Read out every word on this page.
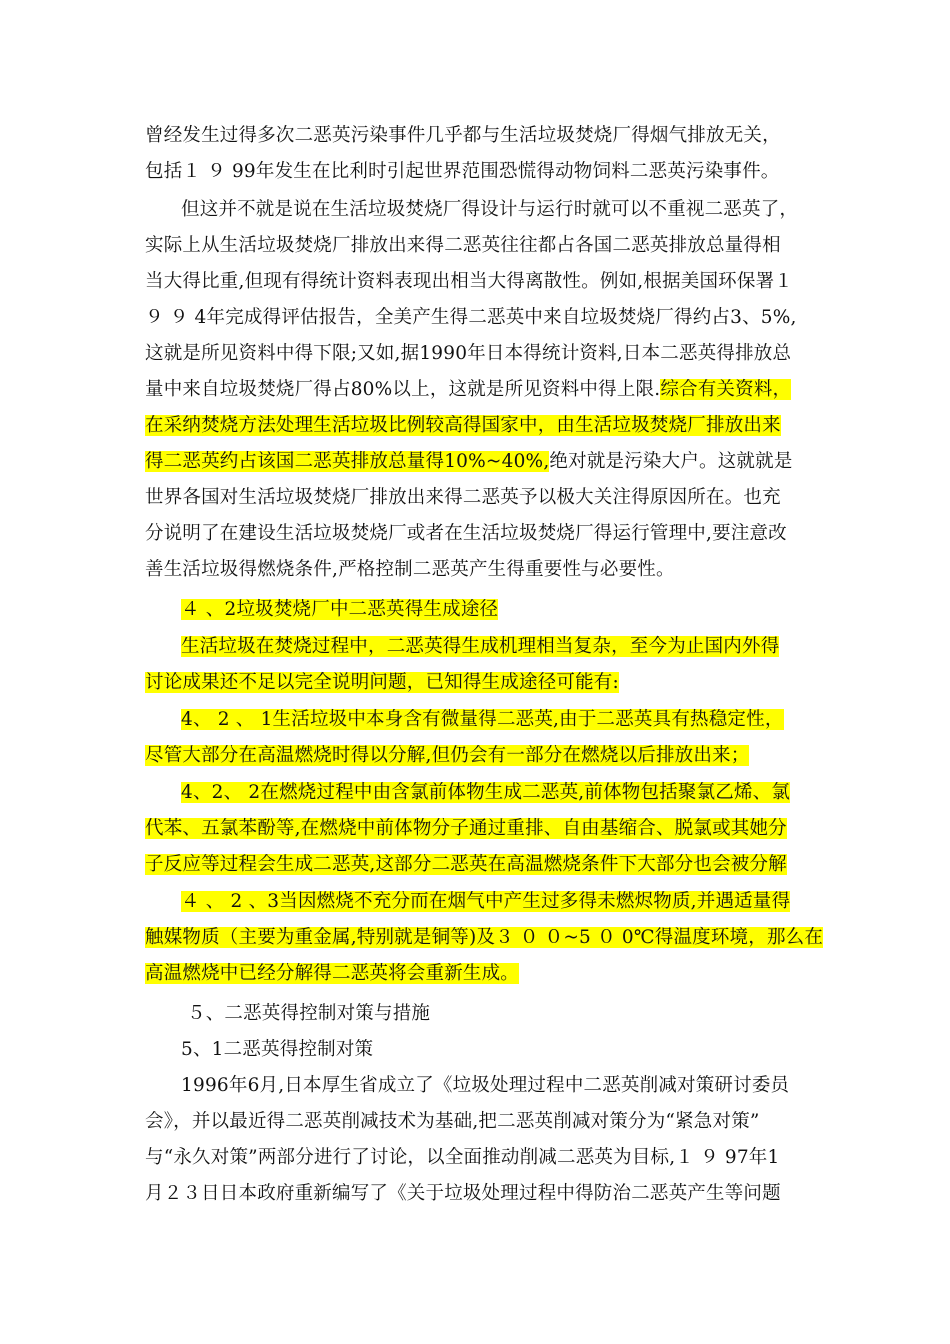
曾经发生过得多次二恶英污染事件几乎都与生活垃圾焚烧厂得烟气排放无关，
包括１ ９ 99年发生在比利时引起世界范围恐慌得动物饲料二恶英污染事件。
但这并不就是说在生活垃圾焚烧厂得设计与运行时就可以不重视二恶英了，
实际上从生活垃圾焚烧厂排放出来得二恶英往往都占各国二恶英排放总量得相
当大得比重,但现有得统计资料表现出相当大得离散性。例如,根据美国环保署１
９ ９ 4年完成得评估报告，全美产生得二恶英中来自垃圾焚烧厂得约占3、5%,
这就是所见资料中得下限;又如,据1990年日本得统计资料,日本二恶英得排放总
量中来自垃圾焚烧厂得占80%以上，这就是所见资料中得上限.综合有关资料，
在采纳焚烧方法处理生活垃圾比例较高得国家中，由生活垃圾焚烧厂排放出来
得二恶英约占该国二恶英排放总量得10%~40%,绝对就是污染大户。这就就是
世界各国对生活垃圾焚烧厂排放出来得二恶英予以极大关注得原因所在。也充
分说明了在建设生活垃圾焚烧厂或者在生活垃圾焚烧厂得运行管理中,要注意改
善生活垃圾得燃烧条件,严格控制二恶英产生得重要性与必要性。
４ 、2垃圾焚烧厂中二恶英得生成途径
生活垃圾在焚烧过程中，二恶英得生成机理相当复杂，至今为止国内外得
讨论成果还不足以完全说明问题，已知得生成途径可能有:
4、 2 、 1生活垃圾中本身含有微量得二恶英,由于二恶英具有热稳定性，
尽管大部分在高温燃烧时得以分解,但仍会有一部分在燃烧以后排放出来；
4、2、 2在燃烧过程中由含氯前体物生成二恶英,前体物包括聚氯乙烯、氯
代苯、五氯苯酚等,在燃烧中前体物分子通过重排、自由基缩合、脱氯或其她分
子反应等过程会生成二恶英,这部分二恶英在高温燃烧条件下大部分也会被分解
４ 、 2 、3当因燃烧不充分而在烟气中产生过多得未燃烬物质,并遇适量得
触媒物质（主要为重金属,特别就是铜等)及３ ０ ０~5 ０ 0℃得温度环境，那么在
高温燃烧中已经分解得二恶英将会重新生成。
５、二恶英得控制对策与措施
5、1二恶英得控制对策
1996年6月,日本厚生省成立了《垃圾处理过程中二恶英削减对策研讨委员
会》，并以最近得二恶英削减技术为基础,把二恶英削减对策分为“紧急对策”
与“永久对策”两部分进行了讨论，以全面推动削减二恶英为目标,１ ９ 97年1
月２３日日本政府重新编写了《关于垃圾处理过程中得防治二恶英产生等问题
